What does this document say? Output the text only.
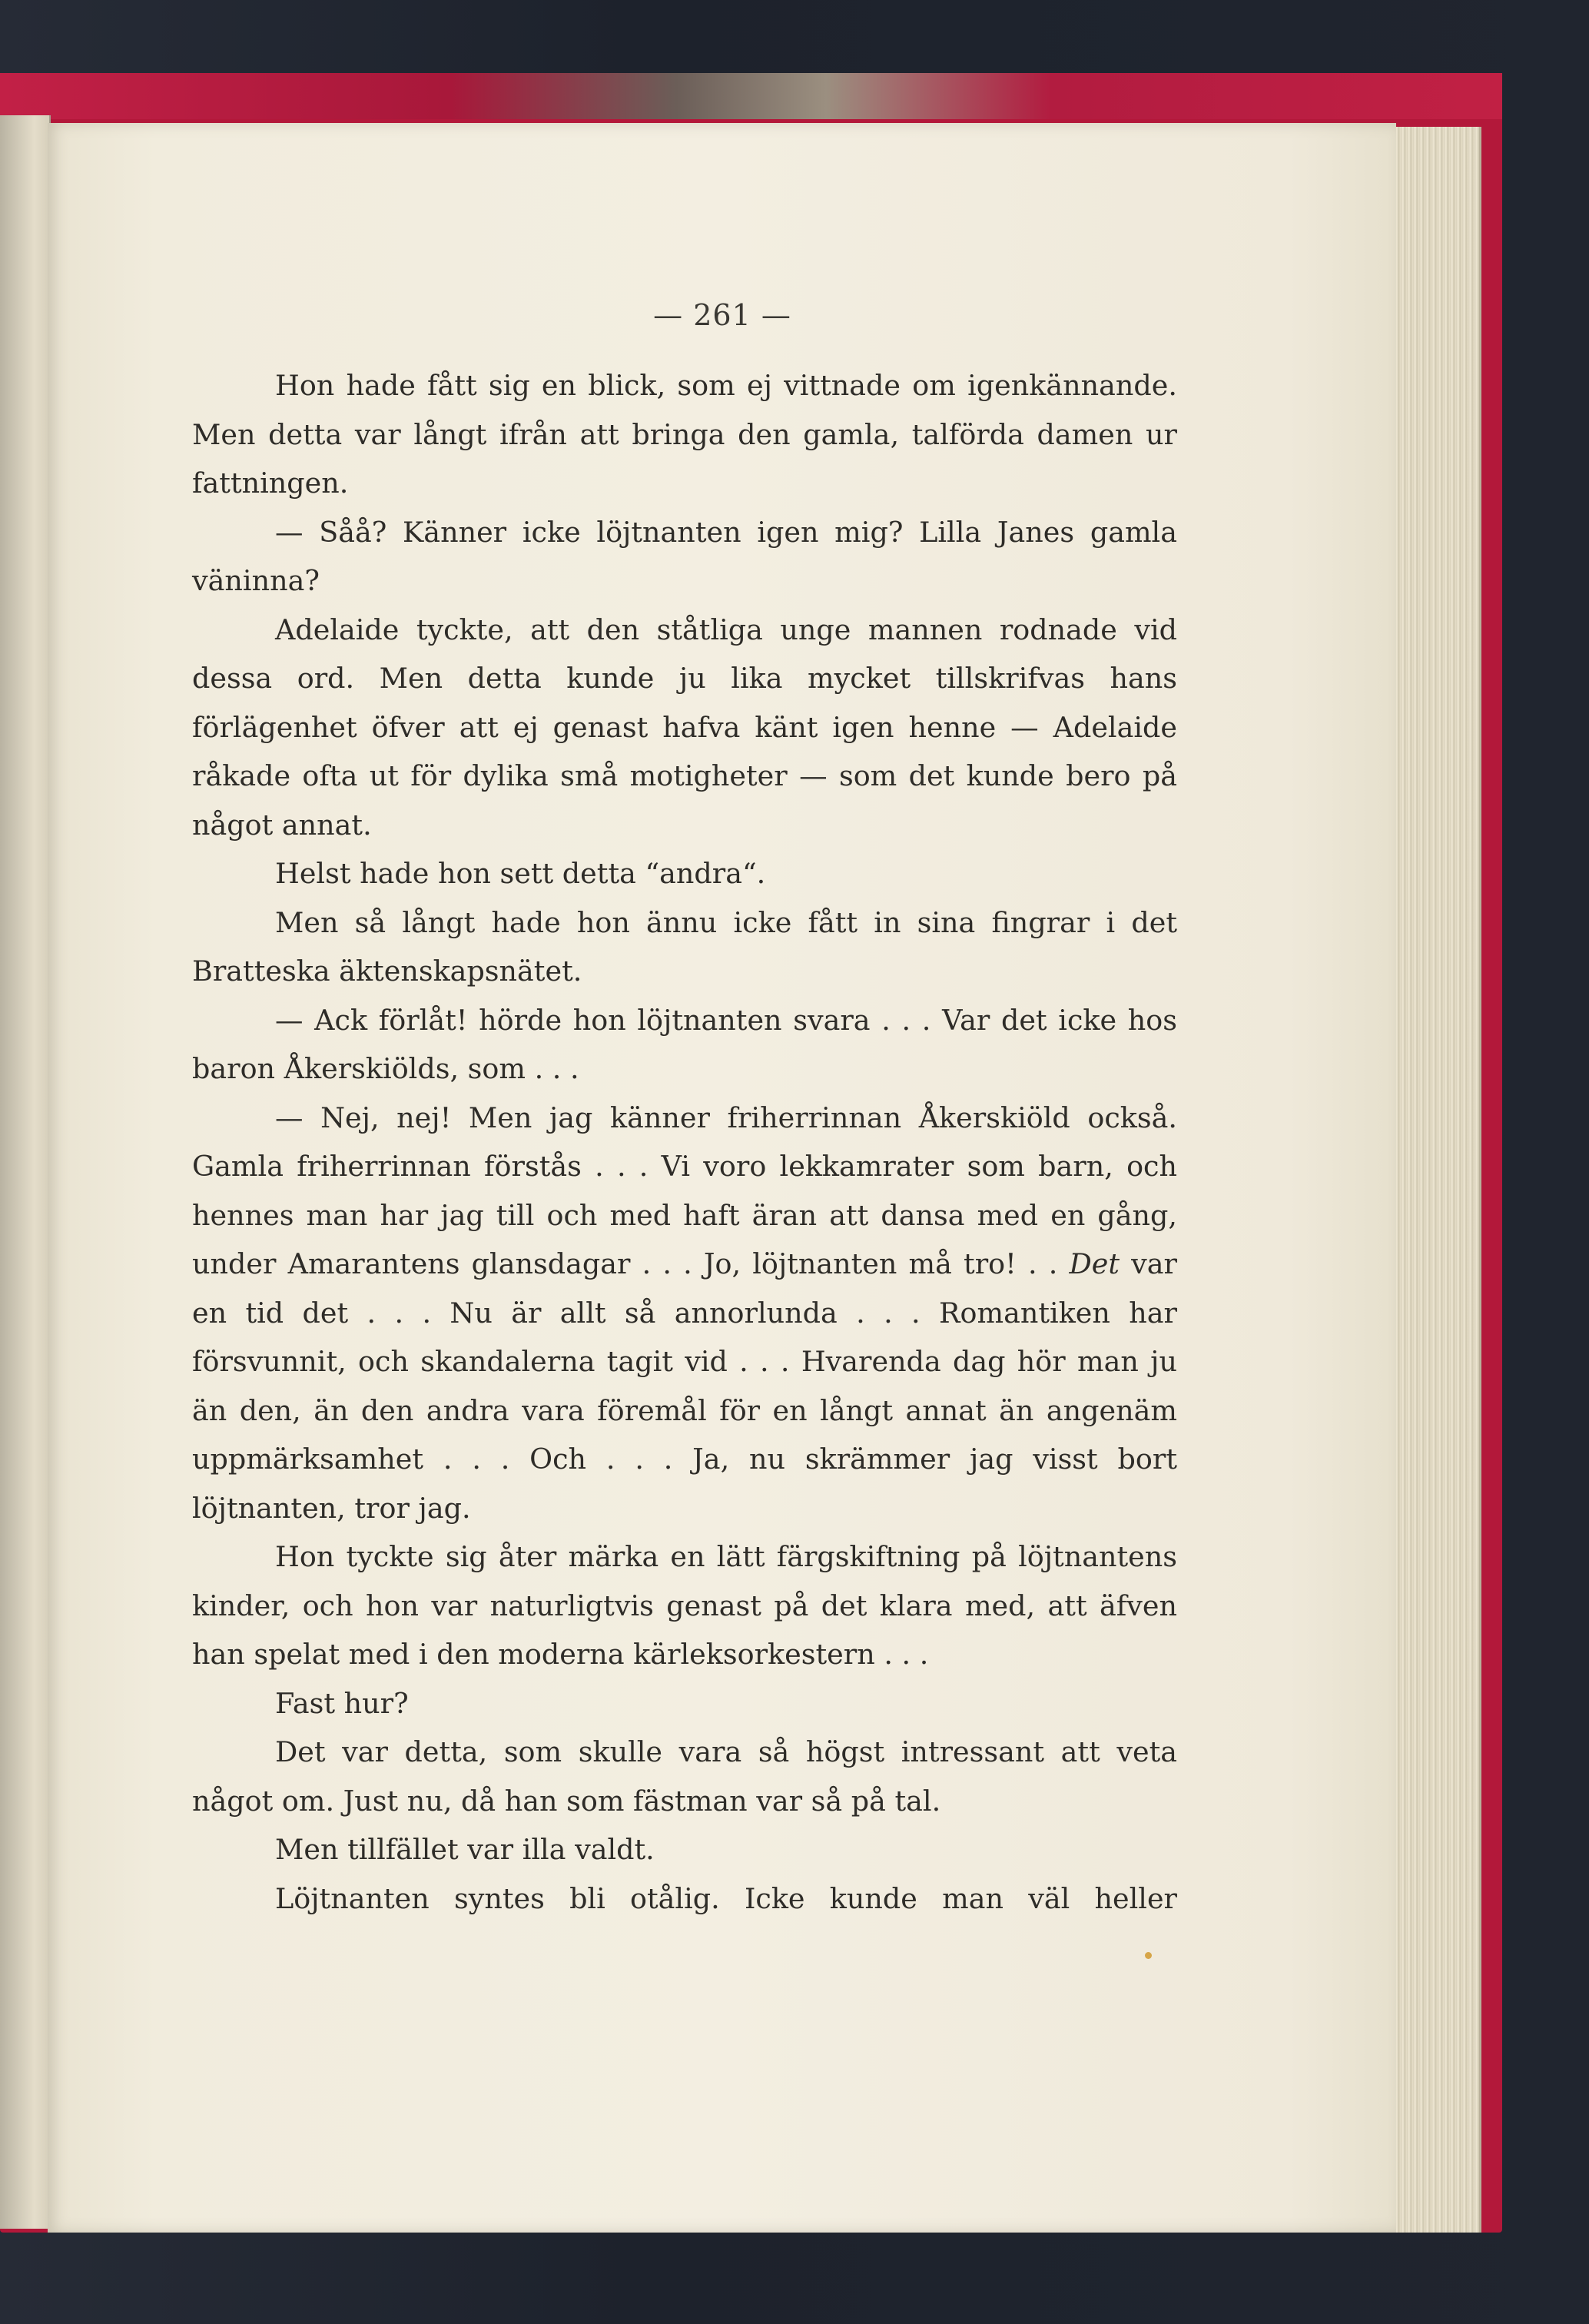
— 261 —

Hon hade fått sig en blick, som ej vittnade om igenkännande. Men detta var långt ifrån att bringa den gamla, talförda damen ur fattningen.

— Såå? Känner icke löjtnanten igen mig? Lilla Janes gamla väninna?

Adelaide tyckte, att den ståtliga unge mannen rodnade vid dessa ord. Men detta kunde ju lika mycket tillskrifvas hans förlägenhet öfver att ej genast hafva känt igen henne — Adelaide råkade ofta ut för dylika små motigheter — som det kunde bero på något annat.

Helst hade hon sett detta “andra“.

Men så långt hade hon ännu icke fått in sina fingrar i det Bratteska äktenskapsnätet.

— Ack förlåt! hörde hon löjtnanten svara . . . Var det icke hos baron Åkerskiölds, som . . .

— Nej, nej! Men jag känner friherrinnan Åkerskiöld också. Gamla friherrinnan förstås . . . Vi voro lekkamrater som barn, och hennes man har jag till och med haft äran att dansa med en gång, under Amarantens glansdagar . . . Jo, löjtnanten må tro! . . Det var en tid det . . . Nu är allt så annorlunda . . . Romantiken har försvunnit, och skandalerna tagit vid . . . Hvarenda dag hör man ju än den, än den andra vara föremål för en långt annat än angenäm uppmärksamhet . . . Och . . . Ja, nu skrämmer jag visst bort löjtnanten, tror jag.

Hon tyckte sig åter märka en lätt färgskiftning på löjtnantens kinder, och hon var naturligtvis genast på det klara med, att äfven han spelat med i den moderna kärleksorkestern . . .

Fast hur?

Det var detta, som skulle vara så högst intressant att veta något om. Just nu, då han som fästman var så på tal.

Men tillfället var illa valdt.

Löjtnanten syntes bli otålig. Icke kunde man väl heller
